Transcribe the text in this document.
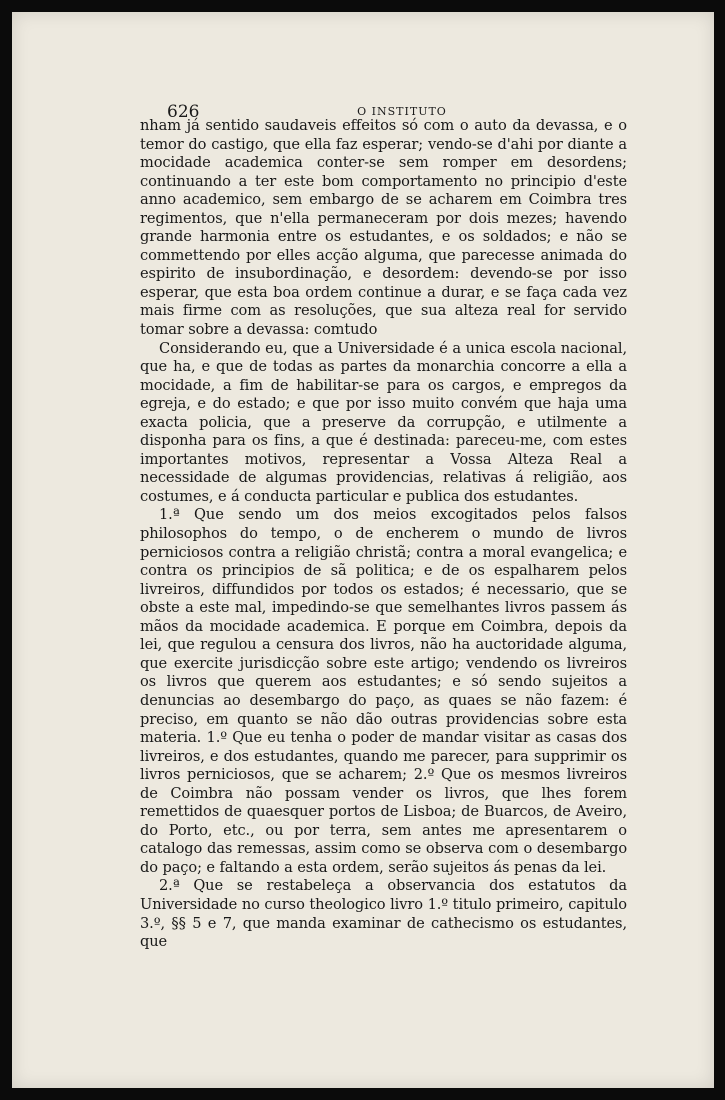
626	O INSTITUTO

nham já sentido saudaveis effeitos só com o auto da devassa, e o temor do castigo, que ella faz esperar; vendo-se d'ahi por diante a mocidade academica conter-se sem romper em desordens; continuando a ter este bom comportamento no principio d'este anno academico, sem embargo de se acharem em Coimbra tres regimentos, que n'ella permaneceram por dois mezes; havendo grande harmonia entre os estudantes, e os soldados; e não se commettendo por elles acção alguma, que parecesse animada do espirito de insubordinação, e desordem: devendo-se por isso esperar, que esta boa ordem continue a durar, e se faça cada vez mais firme com as resoluções, que sua alteza real for servido tomar sobre a devassa: comtudo

Considerando eu, que a Universidade é a unica escola nacional, que ha, e que de todas as partes da monarchia concorre a ella a mocidade, a fim de habilitar-se para os cargos, e empregos da egreja, e do estado; e que por isso muito convém que haja uma exacta policia, que a preserve da corrupção, e utilmente a disponha para os fins, a que é destinada: pareceu-me, com estes importantes motivos, representar a Vossa Alteza Real a necessidade de algumas providencias, relativas á religião, aos costumes, e á conducta particular e publica dos estudantes.

1.ª Que sendo um dos meios excogitados pelos falsos philosophos do tempo, o de encherem o mundo de livros perniciosos contra a religião christã; contra a moral evangelica; e contra os principios de sã politica; e de os espalharem pelos livreiros, diffundidos por todos os estados; é necessario, que se obste a este mal, impedindo-se que semelhantes livros passem ás mãos da mocidade academica. E porque em Coimbra, depois da lei, que regulou a censura dos livros, não ha auctoridade alguma, que exercite jurisdicção sobre este artigo; vendendo os livreiros os livros que querem aos estudantes; e só sendo sujeitos a denuncias ao desembargo do paço, as quaes se não fazem: é preciso, em quanto se não dão outras providencias sobre esta materia. 1.º Que eu tenha o poder de mandar visitar as casas dos livreiros, e dos estudantes, quando me parecer, para supprimir os livros perniciosos, que se acharem; 2.º Que os mesmos livreiros de Coimbra não possam vender os livros, que lhes forem remettidos de quaesquer portos de Lisboa; de Buarcos, de Aveiro, do Porto, etc., ou por terra, sem antes me apresentarem o catalogo das remessas, assim como se observa com o desembargo do paço; e faltando a esta ordem, serão sujeitos ás penas da lei.

2.ª Que se restabeleça a observancia dos estatutos da Universidade no curso theologico livro 1.º titulo primeiro, capitulo 3.º, §§ 5 e 7, que manda examinar de cathecismo os estudantes, que
